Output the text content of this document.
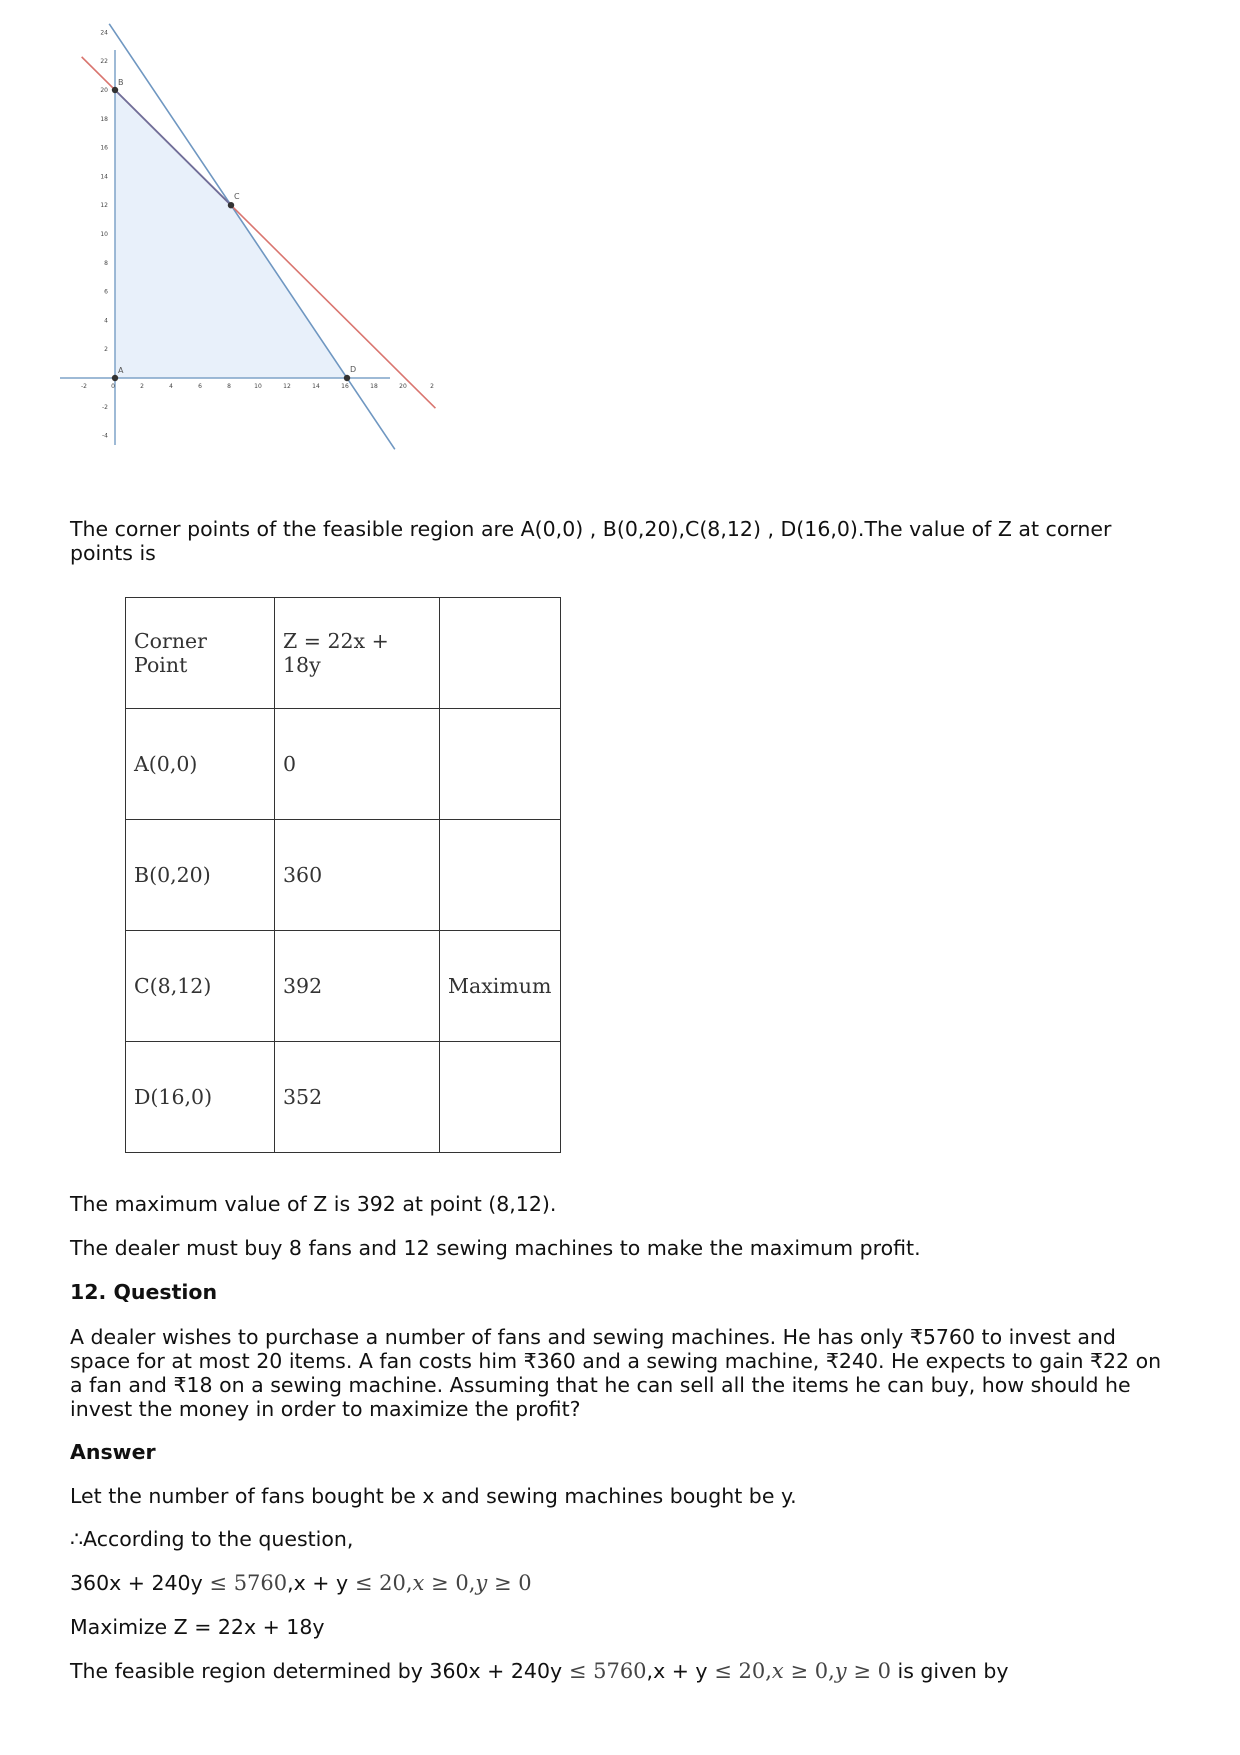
-2	0	2	4	6	8	10	12	14	16	18	20	2
24
22
20
18
16
14
12
10
8
6
4
2
-2
-4
A
B
C
D

The corner points of the feasible region are A(0,0) , B(0,20),C(8,12) , D(16,0).The value of Z at corner points is

Corner Point	Z = 22x + 18y	
A(0,0)	0	
B(0,20)	360	
C(8,12)	392	Maximum
D(16,0)	352	

The maximum value of Z is 392 at point (8,12).

The dealer must buy 8 fans and 12 sewing machines to make the maximum profit.

12. Question

A dealer wishes to purchase a number of fans and sewing machines. He has only ₹5760 to invest and space for at most 20 items. A fan costs him ₹360 and a sewing machine, ₹240. He expects to gain ₹22 on a fan and ₹18 on a sewing machine. Assuming that he can sell all the items he can buy, how should he invest the money in order to maximize the profit?

Answer

Let the number of fans bought be x and sewing machines bought be y.

∴According to the question,

360x + 240y ≤ 5760,x + y ≤ 20,x ≥ 0,y ≥ 0

Maximize Z = 22x + 18y

The feasible region determined by 360x + 240y ≤ 5760,x + y ≤ 20,x ≥ 0,y ≥ 0 is given by
